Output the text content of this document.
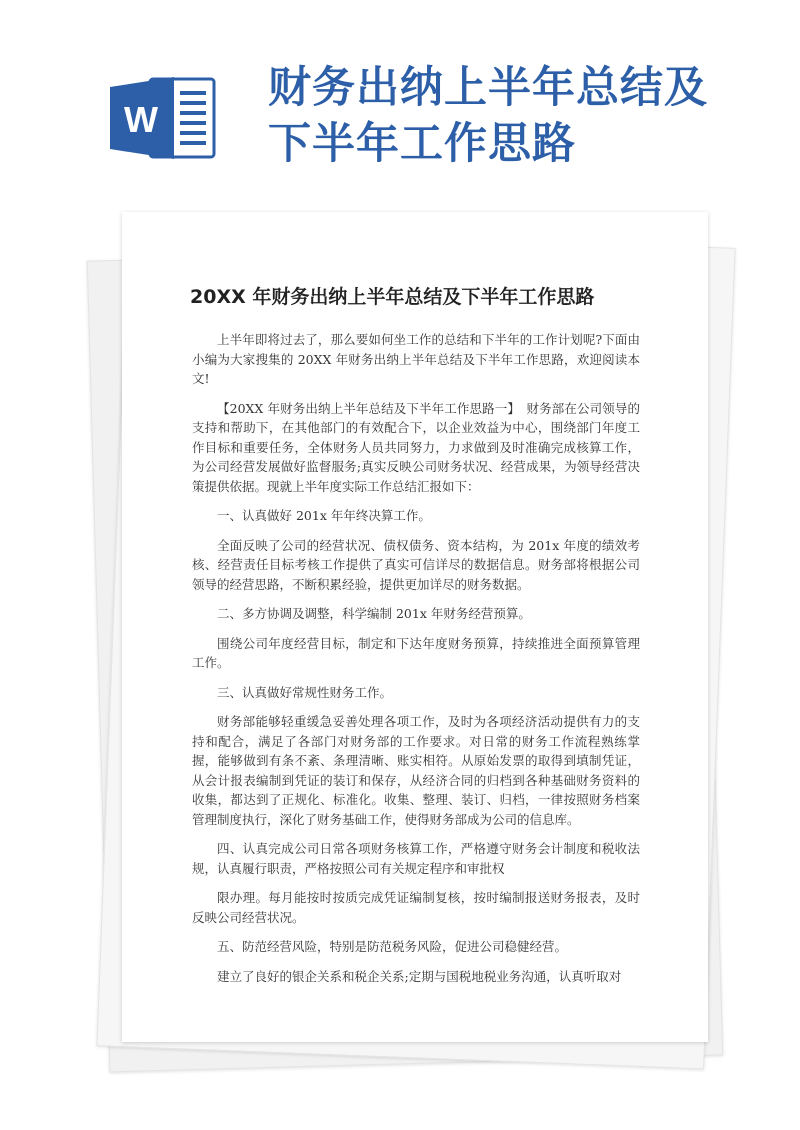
W
财务出纳上半年总结及
下半年工作思路
20XX 年财务出纳上半年总结及下半年工作思路

上半年即将过去了，那么要如何坐工作的总结和下半年的工作计划呢?下面由小编为大家搜集的 20XX 年财务出纳上半年总结及下半年工作思路，欢迎阅读本文!

【20XX 年财务出纳上半年总结及下半年工作思路一】　财务部在公司领导的支持和帮助下，在其他部门的有效配合下，以企业效益为中心，围绕部门年度工作目标和重要任务，全体财务人员共同努力，力求做到及时准确完成核算工作，为公司经营发展做好监督服务;真实反映公司财务状况、经营成果，为领导经营决策提供依据。现就上半年度实际工作总结汇报如下：

一、认真做好 201x 年年终决算工作。

全面反映了公司的经营状况、债权债务、资本结构，为 201x 年度的绩效考核、经营责任目标考核工作提供了真实可信详尽的数据信息。财务部将根据公司领导的经营思路，不断积累经验，提供更加详尽的财务数据。

二、多方协调及调整，科学编制 201x 年财务经营预算。

围绕公司年度经营目标，制定和下达年度财务预算，持续推进全面预算管理工作。

三、认真做好常规性财务工作。

财务部能够轻重缓急妥善处理各项工作，及时为各项经济活动提供有力的支持和配合，满足了各部门对财务部的工作要求。对日常的财务工作流程熟练掌握，能够做到有条不紊、条理清晰、账实相符。从原始发票的取得到填制凭证，从会计报表编制到凭证的装订和保存，从经济合同的归档到各种基础财务资料的收集，都达到了正规化、标准化。收集、整理、装订、归档，一律按照财务档案管理制度执行，深化了财务基础工作，使得财务部成为公司的信息库。

四、认真完成公司日常各项财务核算工作，严格遵守财务会计制度和税收法规，认真履行职责，严格按照公司有关规定程序和审批权

限办理。每月能按时按质完成凭证编制复核，按时编制报送财务报表，及时反映公司经营状况。

五、防范经营风险，特别是防范税务风险，促进公司稳健经营。

建立了良好的银企关系和税企关系;定期与国税地税业务沟通，认真听取对
